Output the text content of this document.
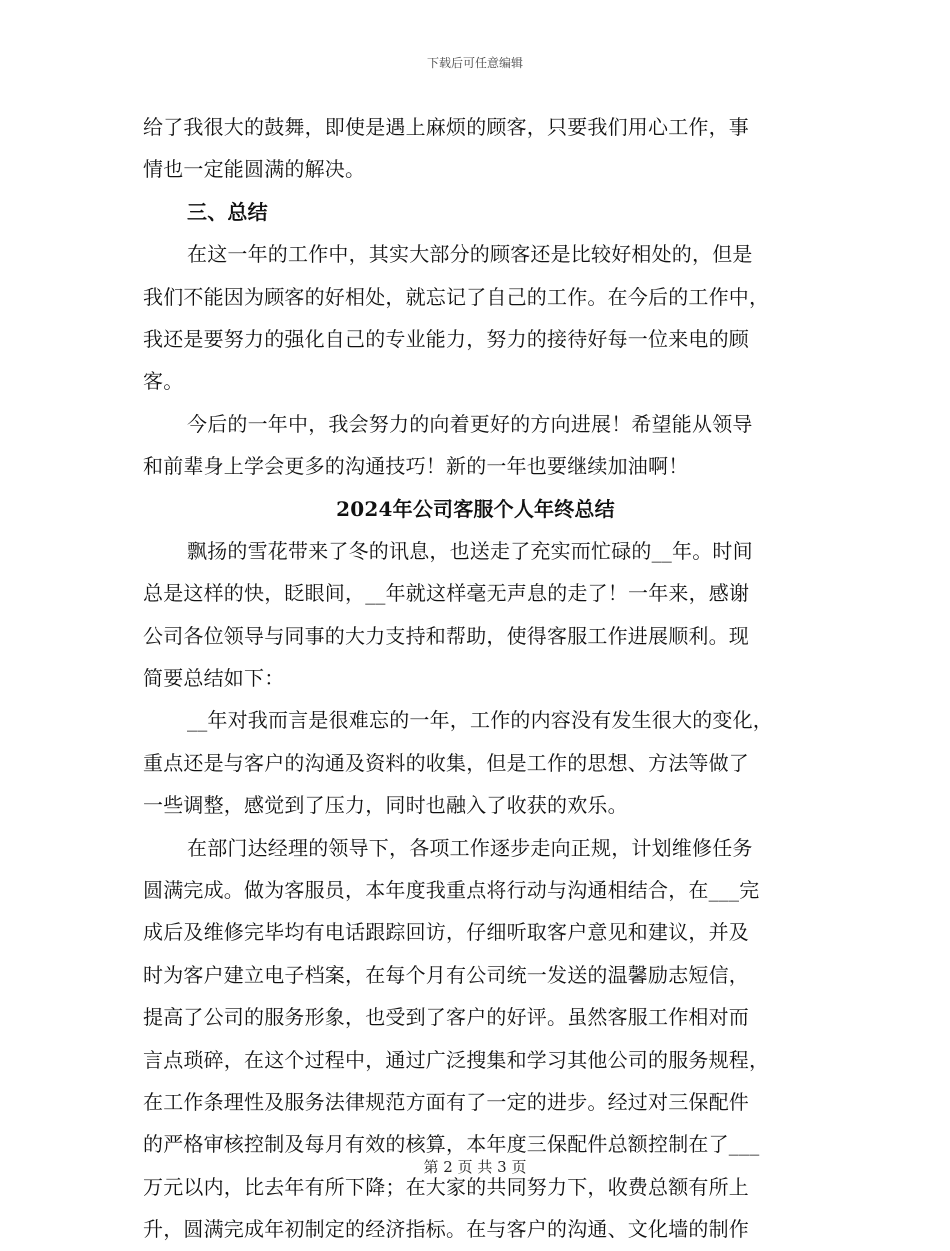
下载后可任意编辑
给了我很大的鼓舞，即使是遇上麻烦的顾客，只要我们用心工作，事
情也一定能圆满的解决。
三、总结
在这一年的工作中，其实大部分的顾客还是比较好相处的，但是
我们不能因为顾客的好相处，就忘记了自己的工作。在今后的工作中，
我还是要努力的强化自己的专业能力，努力的接待好每一位来电的顾
客。
今后的一年中，我会努力的向着更好的方向进展！希望能从领导
和前辈身上学会更多的沟通技巧！新的一年也要继续加油啊！
2024年公司客服个人年终总结
飘扬的雪花带来了冬的讯息，也送走了充实而忙碌的__年。时间
总是这样的快，眨眼间，__年就这样毫无声息的走了！一年来，感谢
公司各位领导与同事的大力支持和帮助，使得客服工作进展顺利。现
简要总结如下：
__年对我而言是很难忘的一年，工作的内容没有发生很大的变化，
重点还是与客户的沟通及资料的收集，但是工作的思想、方法等做了
一些调整，感觉到了压力，同时也融入了收获的欢乐。
在部门达经理的领导下，各项工作逐步走向正规，计划维修任务
圆满完成。做为客服员，本年度我重点将行动与沟通相结合，在___完
成后及维修完毕均有电话跟踪回访，仔细听取客户意见和建议，并及
时为客户建立电子档案，在每个月有公司统一发送的温馨励志短信，
提高了公司的服务形象，也受到了客户的好评。虽然客服工作相对而
言点琐碎，在这个过程中，通过广泛搜集和学习其他公司的服务规程，
在工作条理性及服务法律规范方面有了一定的进步。经过对三保配件
的严格审核控制及每月有效的核算，本年度三保配件总额控制在了___
万元以内，比去年有所下降；在大家的共同努力下，收费总额有所上
升，圆满完成年初制定的经济指标。在与客户的沟通、文化墙的制作
第 2 页 共 3 页
